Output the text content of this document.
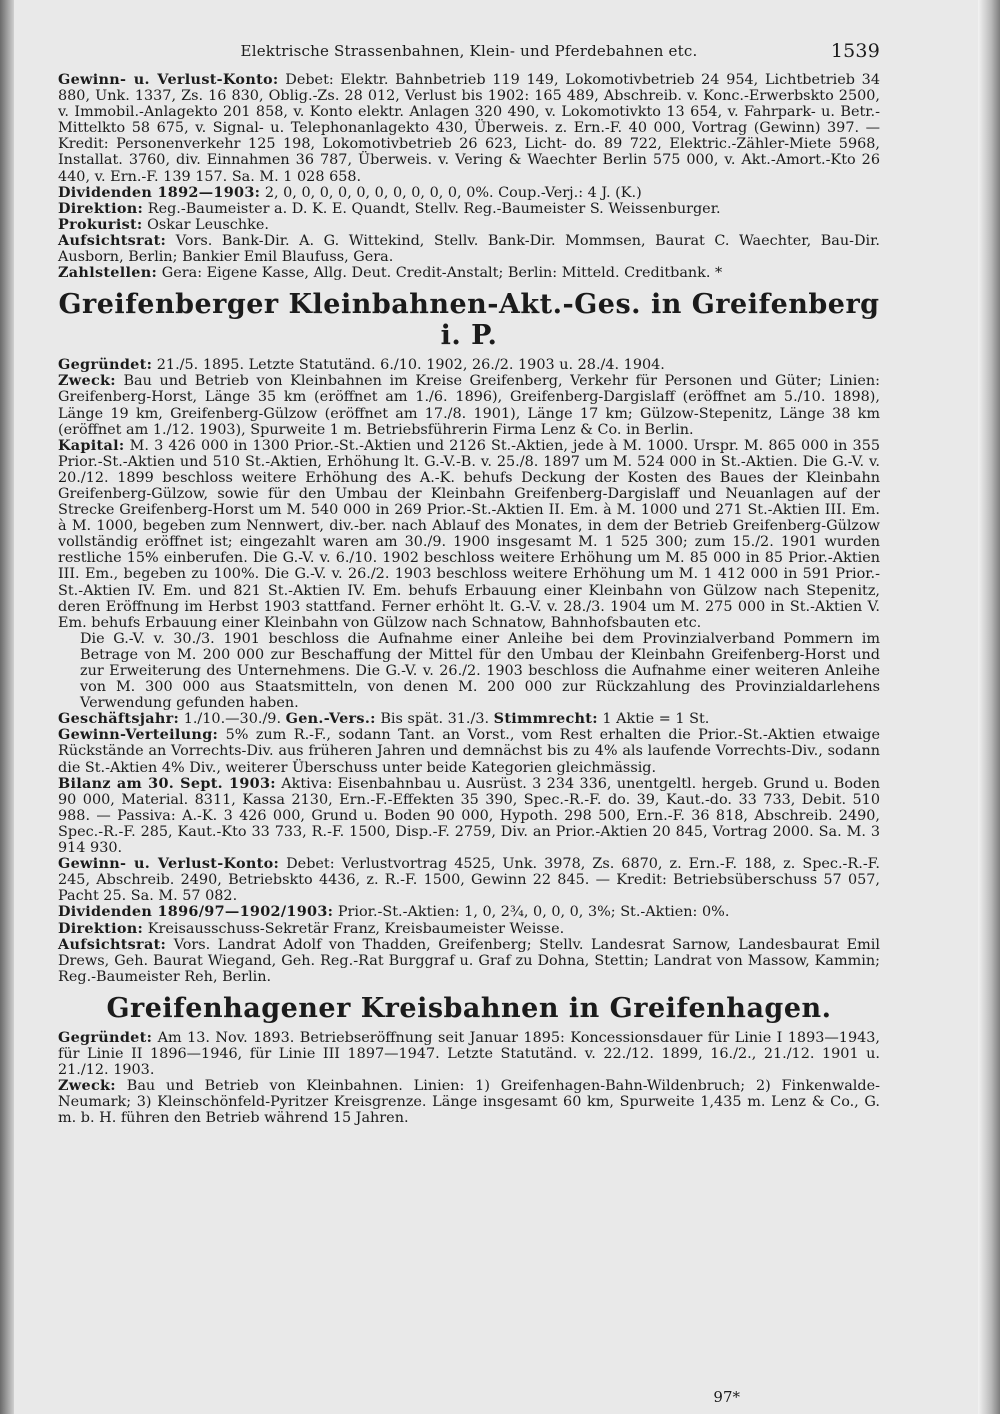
Elektrische Strassenbahnen, Klein- und Pferdebahnen etc.	1539

Gewinn- u. Verlust-Konto: Debet: Elektr. Bahnbetrieb 119 149, Lokomotivbetrieb 24 954, Lichtbetrieb 34 880, Unk. 1337, Zs. 16 830, Oblig.-Zs. 28 012, Verlust bis 1902: 165 489, Abschreib. v. Konc.-Erwerbskto 2500, v. Immobil.-Anlagekto 201 858, v. Konto elektr. Anlagen 320 490, v. Lokomotivkto 13 654, v. Fahrpark- u. Betr.-Mittelkto 58 675, v. Signal- u. Telephonanlagekto 430, Überweis. z. Ern.-F. 40 000, Vortrag (Gewinn) 397. — Kredit: Personenverkehr 125 198, Lokomotivbetrieb 26 623, Licht- do. 89 722, Elektric.-Zähler-Miete 5968, Installat. 3760, div. Einnahmen 36 787, Überweis. v. Vering & Waechter Berlin 575 000, v. Akt.-Amort.-Kto 26 440, v. Ern.-F. 139 157. Sa. M. 1 028 658.

Dividenden 1892—1903: 2, 0, 0, 0, 0, 0, 0, 0, 0, 0, 0, 0%. Coup.-Verj.: 4 J. (K.)

Direktion: Reg.-Baumeister a. D. K. E. Quandt, Stellv. Reg.-Baumeister S. Weissenburger.

Prokurist: Oskar Leuschke.

Aufsichtsrat: Vors. Bank-Dir. A. G. Wittekind, Stellv. Bank-Dir. Mommsen, Baurat C. Waechter, Bau-Dir. Ausborn, Berlin; Bankier Emil Blaufuss, Gera.

Zahlstellen: Gera: Eigene Kasse, Allg. Deut. Credit-Anstalt; Berlin: Mitteld. Creditbank. *

Greifenberger Kleinbahnen-Akt.-Ges. in Greifenberg i. P.

Gegründet: 21./5. 1895. Letzte Statutänd. 6./10. 1902, 26./2. 1903 u. 28./4. 1904.

Zweck: Bau und Betrieb von Kleinbahnen im Kreise Greifenberg, Verkehr für Personen und Güter; Linien: Greifenberg-Horst, Länge 35 km (eröffnet am 1./6. 1896), Greifenberg-Dargislaff (eröffnet am 5./10. 1898), Länge 19 km, Greifenberg-Gülzow (eröffnet am 17./8. 1901), Länge 17 km; Gülzow-Stepenitz, Länge 38 km (eröffnet am 1./12. 1903), Spurweite 1 m. Betriebsführerin Firma Lenz & Co. in Berlin.

Kapital: M. 3 426 000 in 1300 Prior.-St.-Aktien und 2126 St.-Aktien, jede à M. 1000. Urspr. M. 865 000 in 355 Prior.-St.-Aktien und 510 St.-Aktien, Erhöhung lt. G.-V.-B. v. 25./8. 1897 um M. 524 000 in St.-Aktien. Die G.-V. v. 20./12. 1899 beschloss weitere Erhöhung des A.-K. behufs Deckung der Kosten des Baues der Kleinbahn Greifenberg-Gülzow, sowie für den Umbau der Kleinbahn Greifenberg-Dargislaff und Neuanlagen auf der Strecke Greifenberg-Horst um M. 540 000 in 269 Prior.-St.-Aktien II. Em. à M. 1000 und 271 St.-Aktien III. Em. à M. 1000, begeben zum Nennwert, div.-ber. nach Ablauf des Monates, in dem der Betrieb Greifenberg-Gülzow vollständig eröffnet ist; eingezahlt waren am 30./9. 1900 insgesamt M. 1 525 300; zum 15./2. 1901 wurden restliche 15% einberufen. Die G.-V. v. 6./10. 1902 beschloss weitere Erhöhung um M. 85 000 in 85 Prior.-Aktien III. Em., begeben zu 100%. Die G.-V. v. 26./2. 1903 beschloss weitere Erhöhung um M. 1 412 000 in 591 Prior.-St.-Aktien IV. Em. und 821 St.-Aktien IV. Em. behufs Erbauung einer Kleinbahn von Gülzow nach Stepenitz, deren Eröffnung im Herbst 1903 stattfand. Ferner erhöht lt. G.-V. v. 28./3. 1904 um M. 275 000 in St.-Aktien V. Em. behufs Erbauung einer Kleinbahn von Gülzow nach Schnatow, Bahnhofsbauten etc.

Die G.-V. v. 30./3. 1901 beschloss die Aufnahme einer Anleihe bei dem Provinzialverband Pommern im Betrage von M. 200 000 zur Beschaffung der Mittel für den Umbau der Kleinbahn Greifenberg-Horst und zur Erweiterung des Unternehmens. Die G.-V. v. 26./2. 1903 beschloss die Aufnahme einer weiteren Anleihe von M. 300 000 aus Staatsmitteln, von denen M. 200 000 zur Rückzahlung des Provinzialdarlehens Verwendung gefunden haben.

Geschäftsjahr: 1./10.—30./9. Gen.-Vers.: Bis spät. 31./3. Stimmrecht: 1 Aktie = 1 St.

Gewinn-Verteilung: 5% zum R.-F., sodann Tant. an Vorst., vom Rest erhalten die Prior.-St.-Aktien etwaige Rückstände an Vorrechts-Div. aus früheren Jahren und demnächst bis zu 4% als laufende Vorrechts-Div., sodann die St.-Aktien 4% Div., weiterer Überschuss unter beide Kategorien gleichmässig.

Bilanz am 30. Sept. 1903: Aktiva: Eisenbahnbau u. Ausrüst. 3 234 336, unentgeltl. hergeb. Grund u. Boden 90 000, Material. 8311, Kassa 2130, Ern.-F.-Effekten 35 390, Spec.-R.-F. do. 39, Kaut.-do. 33 733, Debit. 510 988. — Passiva: A.-K. 3 426 000, Grund u. Boden 90 000, Hypoth. 298 500, Ern.-F. 36 818, Abschreib. 2490, Spec.-R.-F. 285, Kaut.-Kto 33 733, R.-F. 1500, Disp.-F. 2759, Div. an Prior.-Aktien 20 845, Vortrag 2000. Sa. M. 3 914 930.

Gewinn- u. Verlust-Konto: Debet: Verlustvortrag 4525, Unk. 3978, Zs. 6870, z. Ern.-F. 188, z. Spec.-R.-F. 245, Abschreib. 2490, Betriebskto 4436, z. R.-F. 1500, Gewinn 22 845. — Kredit: Betriebsüberschuss 57 057, Pacht 25. Sa. M. 57 082.

Dividenden 1896/97—1902/1903: Prior.-St.-Aktien: 1, 0, 2¾, 0, 0, 0, 3%; St.-Aktien: 0%.

Direktion: Kreisausschuss-Sekretär Franz, Kreisbaumeister Weisse.

Aufsichtsrat: Vors. Landrat Adolf von Thadden, Greifenberg; Stellv. Landesrat Sarnow, Landesbaurat Emil Drews, Geh. Baurat Wiegand, Geh. Reg.-Rat Burggraf u. Graf zu Dohna, Stettin; Landrat von Massow, Kammin; Reg.-Baumeister Reh, Berlin.

Greifenhagener Kreisbahnen in Greifenhagen.

Gegründet: Am 13. Nov. 1893. Betriebseröffnung seit Januar 1895: Koncessionsdauer für Linie I 1893—1943, für Linie II 1896—1946, für Linie III 1897—1947. Letzte Statutänd. v. 22./12. 1899, 16./2., 21./12. 1901 u. 21./12. 1903.

Zweck: Bau und Betrieb von Kleinbahnen. Linien: 1) Greifenhagen-Bahn-Wildenbruch; 2) Finkenwalde-Neumark; 3) Kleinschönfeld-Pyritzer Kreisgrenze. Länge insgesamt 60 km, Spurweite 1,435 m. Lenz & Co., G. m. b. H. führen den Betrieb während 15 Jahren.

97*
